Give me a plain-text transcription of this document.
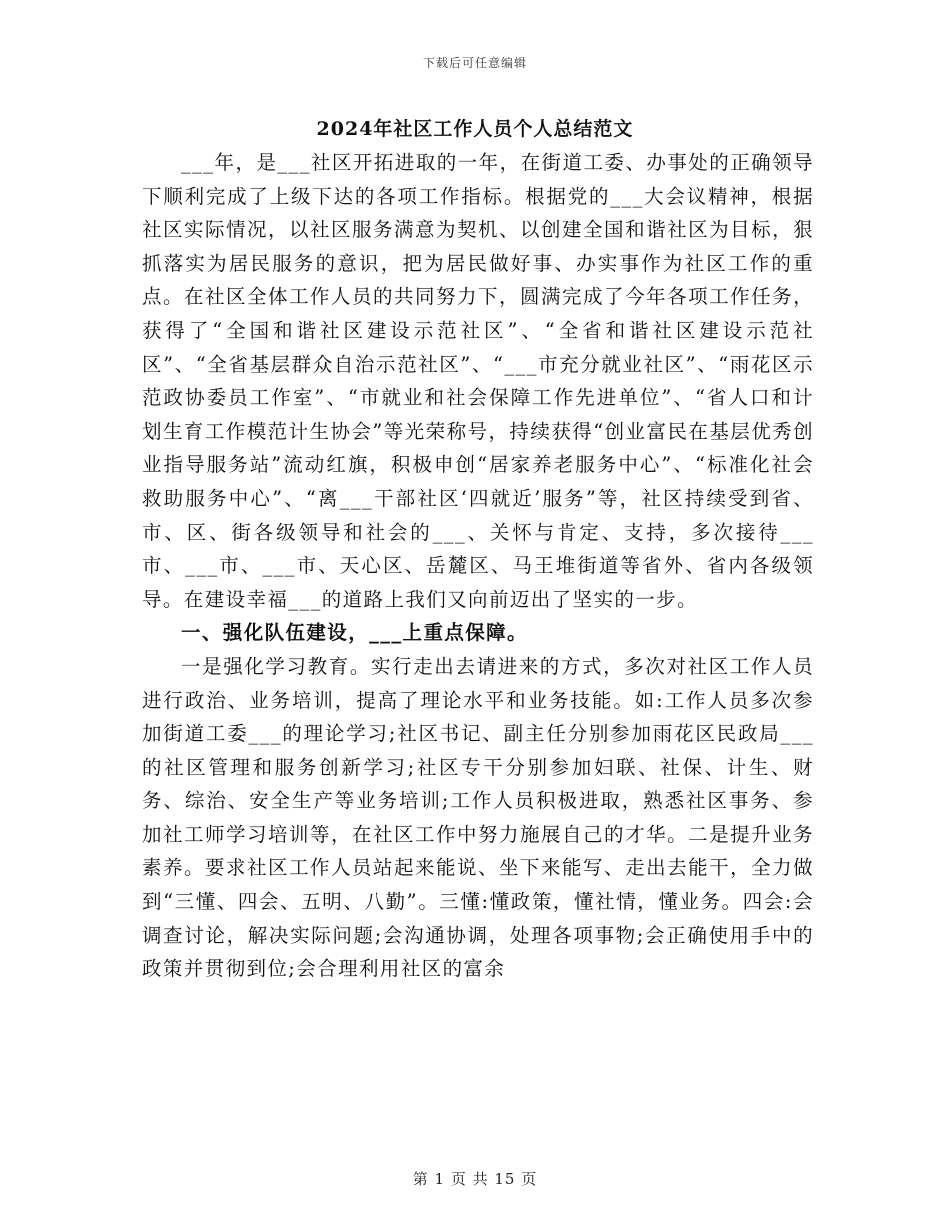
下载后可任意编辑
2024年社区工作人员个人总结范文

___年，是___社区开拓进取的一年，在街道工委、办事处的正确领导下顺利完成了上级下达的各项工作指标。根据党的___大会议精神，根据社区实际情况，以社区服务满意为契机、以创建全国和谐社区为目标，狠抓落实为居民服务的意识，把为居民做好事、办实事作为社区工作的重点。在社区全体工作人员的共同努力下，圆满完成了今年各项工作任务，获得了“全国和谐社区建设示范社区”、“全省和谐社区建设示范社区”、“全省基层群众自治示范社区”、“___市充分就业社区”、“雨花区示范政协委员工作室”、“市就业和社会保障工作先进单位”、“省人口和计划生育工作模范计生协会”等光荣称号，持续获得“创业富民在基层优秀创业指导服务站”流动红旗，积极申创“居家养老服务中心”、“标准化社会救助服务中心”、“离___干部社区‘四就近’服务”等，社区持续受到省、市、区、街各级领导和社会的___、关怀与肯定、支持，多次接待___市、___市、___市、天心区、岳麓区、马王堆街道等省外、省内各级领导。在建设幸福___的道路上我们又向前迈出了坚实的一步。

一、强化队伍建设，___上重点保障。

一是强化学习教育。实行走出去请进来的方式，多次对社区工作人员进行政治、业务培训，提高了理论水平和业务技能。如:工作人员多次参加街道工委___的理论学习;社区书记、副主任分别参加雨花区民政局___的社区管理和服务创新学习;社区专干分别参加妇联、社保、计生、财务、综治、安全生产等业务培训;工作人员积极进取，熟悉社区事务、参加社工师学习培训等，在社区工作中努力施展自己的才华。二是提升业务素养。要求社区工作人员站起来能说、坐下来能写、走出去能干，全力做到“三懂、四会、五明、八勤”。三懂:懂政策，懂社情，懂业务。四会:会调查讨论，解决实际问题;会沟通协调，处理各项事物;会正确使用手中的政策并贯彻到位;会合理利用社区的富余

第 1 页 共 15 页
